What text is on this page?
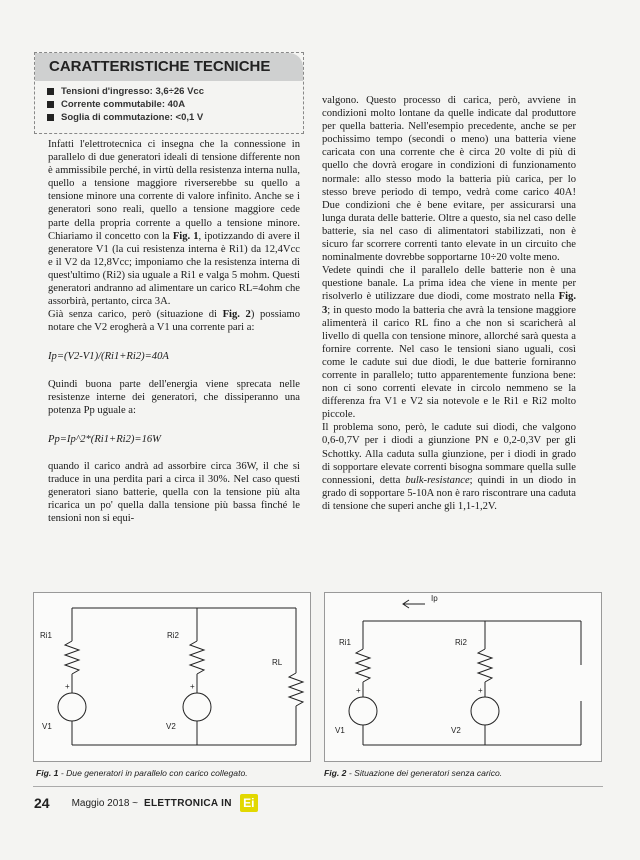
CARATTERISTICHE TECNICHE
Tensioni d'ingresso: 3,6÷26 Vcc
Corrente commutabile: 40A
Soglia di commutazione: <0,1 V

Infatti l'elettrotecnica ci insegna che la connessione in parallelo di due generatori ideali di tensione differente non è ammissibile perché, in virtù della resistenza interna nulla, quello a tensione maggiore riverserebbe su quello a tensione minore una corrente di valore infinito. Anche se i generatori sono reali, quello a tensione maggiore cede parte della propria corrente a quello a tensione minore. Chiariamo il concetto con la Fig. 1, ipotizzando di avere il generatore V1 (la cui resistenza interna è Ri1) da 12,4Vcc e il V2 da 12,8Vcc; imponiamo che la resistenza interna di quest'ultimo (Ri2) sia uguale a Ri1 e valga 5 mohm. Questi generatori andranno ad alimentare un carico RL=4ohm che assorbirà, pertanto, circa 3A.

Già senza carico, però (situazione di Fig. 2) possiamo notare che V2 erogherà a V1 una corrente pari a:

Ip=(V2-V1)/(Ri1+Ri2)=40A

Quindi buona parte dell'energia viene sprecata nelle resistenze interne dei generatori, che dissiperanno una potenza Pp uguale a:

Pp=Ip^2*(Ri1+Ri2)=16W

quando il carico andrà ad assorbire circa 36W, il che si traduce in una perdita pari a circa il 30%. Nel caso questi generatori siano batterie, quella con la tensione più alta ricarica un po' quella dalla tensione più bassa finché le tensioni non si equi-

valgono. Questo processo di carica, però, avviene in condizioni molto lontane da quelle indicate dal produttore per quella batteria. Nell'esempio precedente, anche se per pochissimo tempo (secondi o meno) una batteria viene caricata con una corrente che è circa 20 volte di più di quello che dovrà erogare in condizioni di funzionamento normale: allo stesso modo la batteria più carica, per lo stesso breve periodo di tempo, vedrà come carico 40A! Due condizioni che è bene evitare, per assicurarsi una lunga durata delle batterie. Oltre a questo, sia nel caso delle batterie, sia nel caso di alimentatori stabilizzati, non è sicuro far scorrere correnti tanto elevate in un circuito che nominalmente dovrebbe sopportarne 10÷20 volte meno.

Vedete quindi che il parallelo delle batterie non è una questione banale. La prima idea che viene in mente per risolverlo è utilizzare due diodi, come mostrato nella Fig. 3; in questo modo la batteria che avrà la tensione maggiore alimenterà il carico RL fino a che non si scaricherà al livello di quella con tensione minore, allorché sarà questa a fornire corrente. Nel caso le tensioni siano uguali, così come le cadute sui due diodi, le due batterie forniranno corrente in parallelo; tutto apparentemente funziona bene: non ci sono correnti elevate in circolo nemmeno se la differenza fra V1 e V2 sia notevole e le Ri1 e Ri2 molto piccole.

Il problema sono, però, le cadute sui diodi, che valgono 0,6-0,7V per i diodi a giunzione PN e 0,2-0,3V per gli Schottky. Alla caduta sulla giunzione, per i diodi in grado di sopportare elevate correnti bisogna sommare quella sulle connessioni, detta bulk-resistance; quindi in un diodo in grado di sopportare 5-10A non è raro riscontrare una caduta di tensione che superi anche gli 1,1-1,2V.

Ri1	Ri2
RL
+	+
V1	V2
Fig. 1 - Due generatori in parallelo con carico collegato.
Ip
Ri1	Ri2
+	+
V1	V2
Fig. 2 - Situazione dei generatori senza carico.
24 Maggio 2018 ~ ELETTRONICA IN Ei
